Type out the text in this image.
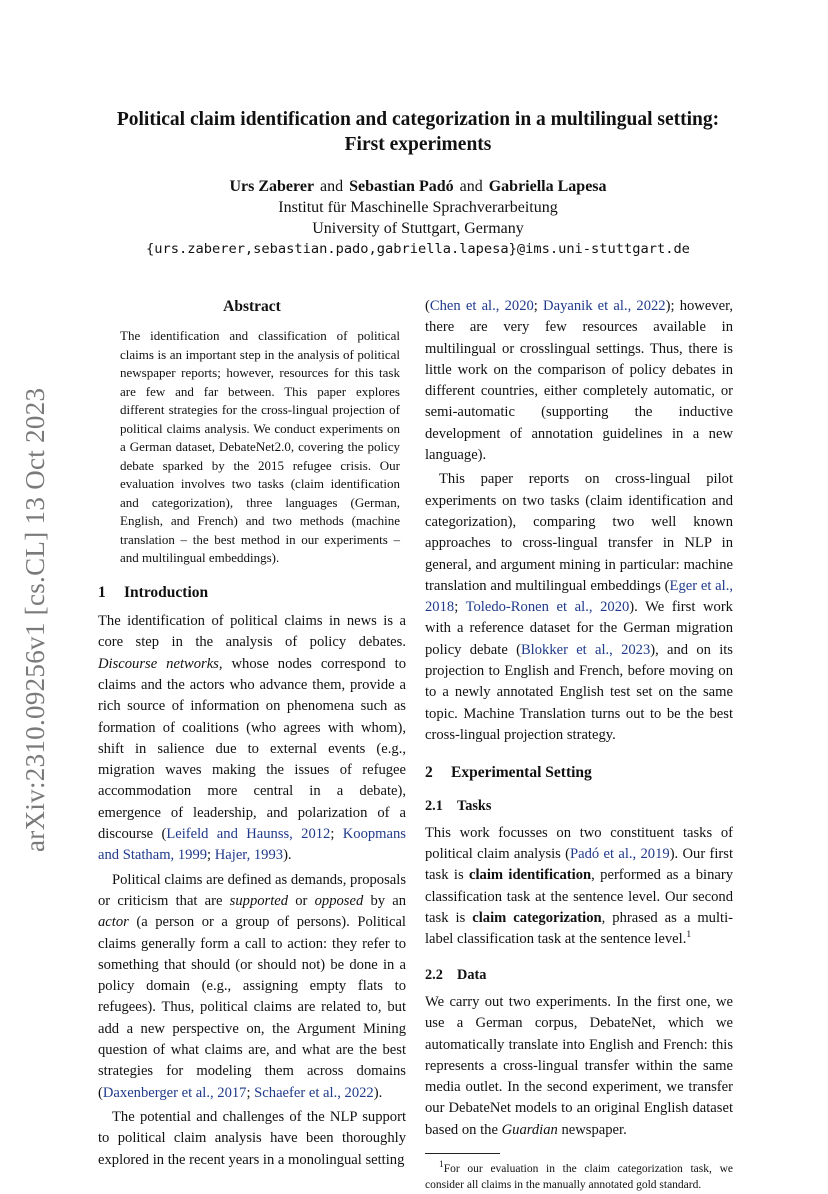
arXiv:2310.09256v1 [cs.CL] 13 Oct 2023
Political claim identification and categorization in a multilingual setting:
First experiments
Urs Zaberer and Sebastian Padó and Gabriella Lapesa
Institut für Maschinelle Sprachverarbeitung
University of Stuttgart, Germany
{urs.zaberer,sebastian.pado,gabriella.lapesa}@ims.uni-stuttgart.de
Abstract
The identification and classification of political claims is an important step in the analysis of political newspaper reports; however, resources for this task are few and far between. This paper explores different strategies for the cross-lingual projection of political claims analysis. We conduct experiments on a German dataset, DebateNet2.0, covering the policy debate sparked by the 2015 refugee crisis. Our evaluation involves two tasks (claim identification and categorization), three languages (German, English, and French) and two methods (machine translation – the best method in our experiments – and multilingual embeddings).
1 Introduction

The identification of political claims in news is a core step in the analysis of policy debates. Discourse networks, whose nodes correspond to claims and the actors who advance them, provide a rich source of information on phenomena such as formation of coalitions (who agrees with whom), shift in salience due to external events (e.g., migration waves making the issues of refugee accommodation more central in a debate), emergence of leadership, and polarization of a discourse (Leifeld and Haunss, 2012; Koopmans and Statham, 1999; Hajer, 1993).

Political claims are defined as demands, proposals or criticism that are supported or opposed by an actor (a person or a group of persons). Political claims generally form a call to action: they refer to something that should (or should not) be done in a policy domain (e.g., assigning empty flats to refugees). Thus, political claims are related to, but add a new perspective on, the Argument Mining question of what claims are, and what are the best strategies for modeling them across domains (Daxenberger et al., 2017; Schaefer et al., 2022).

The potential and challenges of the NLP support to political claim analysis have been thoroughly explored in the recent years in a monolingual setting

(Chen et al., 2020; Dayanik et al., 2022); however, there are very few resources available in multilingual or crosslingual settings. Thus, there is little work on the comparison of policy debates in different countries, either completely automatic, or semi-automatic (supporting the inductive development of annotation guidelines in a new language).

This paper reports on cross-lingual pilot experiments on two tasks (claim identification and categorization), comparing two well known approaches to cross-lingual transfer in NLP in general, and argument mining in particular: machine translation and multilingual embeddings (Eger et al., 2018; Toledo-Ronen et al., 2020). We first work with a reference dataset for the German migration policy debate (Blokker et al., 2023), and on its projection to English and French, before moving on to a newly annotated English test set on the same topic. Machine Translation turns out to be the best cross-lingual projection strategy.

2 Experimental Setting
2.1 Tasks

This work focusses on two constituent tasks of political claim analysis (Padó et al., 2019). Our first task is claim identification, performed as a binary classification task at the sentence level. Our second task is claim categorization, phrased as a multi-label classification task at the sentence level.$^1$

2.2 Data

We carry out two experiments. In the first one, we use a German corpus, DebateNet, which we automatically translate into English and French: this represents a cross-lingual transfer within the same media outlet. In the second experiment, we transfer our DebateNet models to an original English dataset based on the Guardian newspaper.

$^1$For our evaluation in the claim categorization task, we consider all claims in the manually annotated gold standard.
